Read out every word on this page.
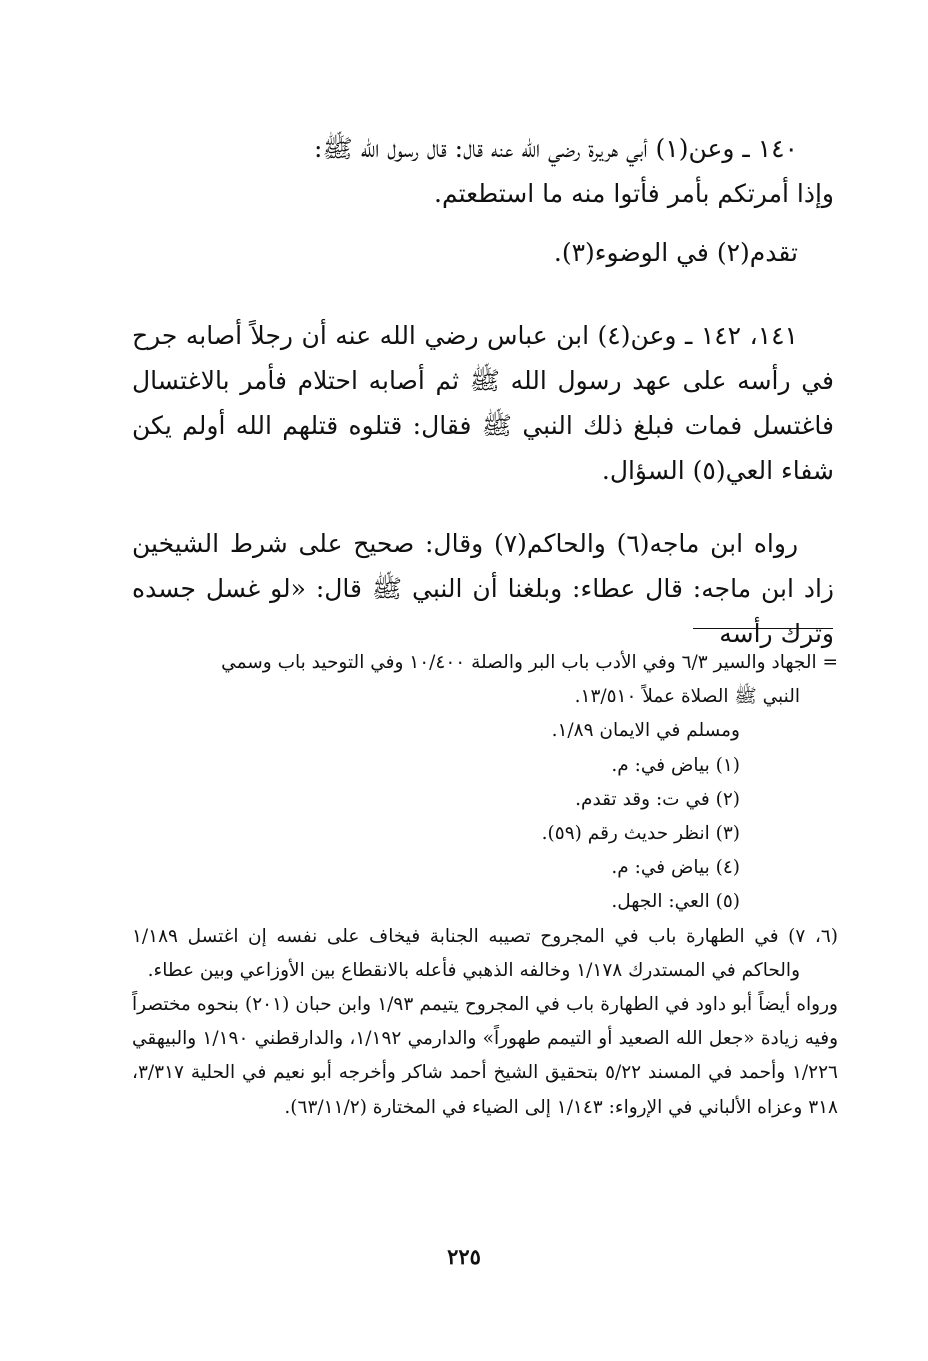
١٤٠ ـ وعن(١) أبي هريرة رضي الله عنه قال: قال رسول الله ﷺ:

وإذا أمرتكم بأمر فأتوا منه ما استطعتم.

تقدم(٢) في الوضوء(٣).

١٤١، ١٤٢ ـ وعن(٤) ابن عباس رضي الله عنه أن رجلاً أصابه جرح في رأسه على عهد رسول الله ﷺ ثم أصابه احتلام فأمر بالاغتسال فاغتسل فمات فبلغ ذلك النبي ﷺ فقال: قتلوه قتلهم الله أولم يكن شفاء العي(٥) السؤال.

رواه ابن ماجه(٦) والحاكم(٧) وقال: صحيح على شرط الشيخين زاد ابن ماجه: قال عطاء: وبلغنا أن النبي ﷺ قال: «لو غسل جسده وترك رأسه

= الجهاد والسير ٦/٣ وفي الأدب باب البر والصلة ١٠/٤٠٠ وفي التوحيد باب وسمي

النبي ﷺ الصلاة عملاً ١٣/٥١٠.

ومسلم في الايمان ١/٨٩.

(١) بياض في: م.

(٢) في ت: وقد تقدم.

(٣) انظر حديث رقم (٥٩).

(٤) بياض في: م.

(٥) العي: الجهل.

(٦، ٧) في الطهارة باب في المجروح تصيبه الجنابة فيخاف على نفسه إن اغتسل ١/١٨٩ والحاكم في المستدرك ١/١٧٨ وخالفه الذهبي فأعله بالانقطاع بين الأوزاعي وبين عطاء.

ورواه أيضاً أبو داود في الطهارة باب في المجروح يتيمم ١/٩٣ وابن حبان (٢٠١) بنحوه مختصراً وفيه زيادة «جعل الله الصعيد أو التيمم طهوراً» والدارمي ١/١٩٢، والدارقطني ١/١٩٠ والبيهقي ١/٢٢٦ وأحمد في المسند ٥/٢٢ بتحقيق الشيخ أحمد شاكر وأخرجه أبو نعيم في الحلية ٣/٣١٧، ٣١٨ وعزاه الألباني في الإرواء: ١/١٤٣ إلى الضياء في المختارة (٦٣/١١/٢).

٢٢٥
